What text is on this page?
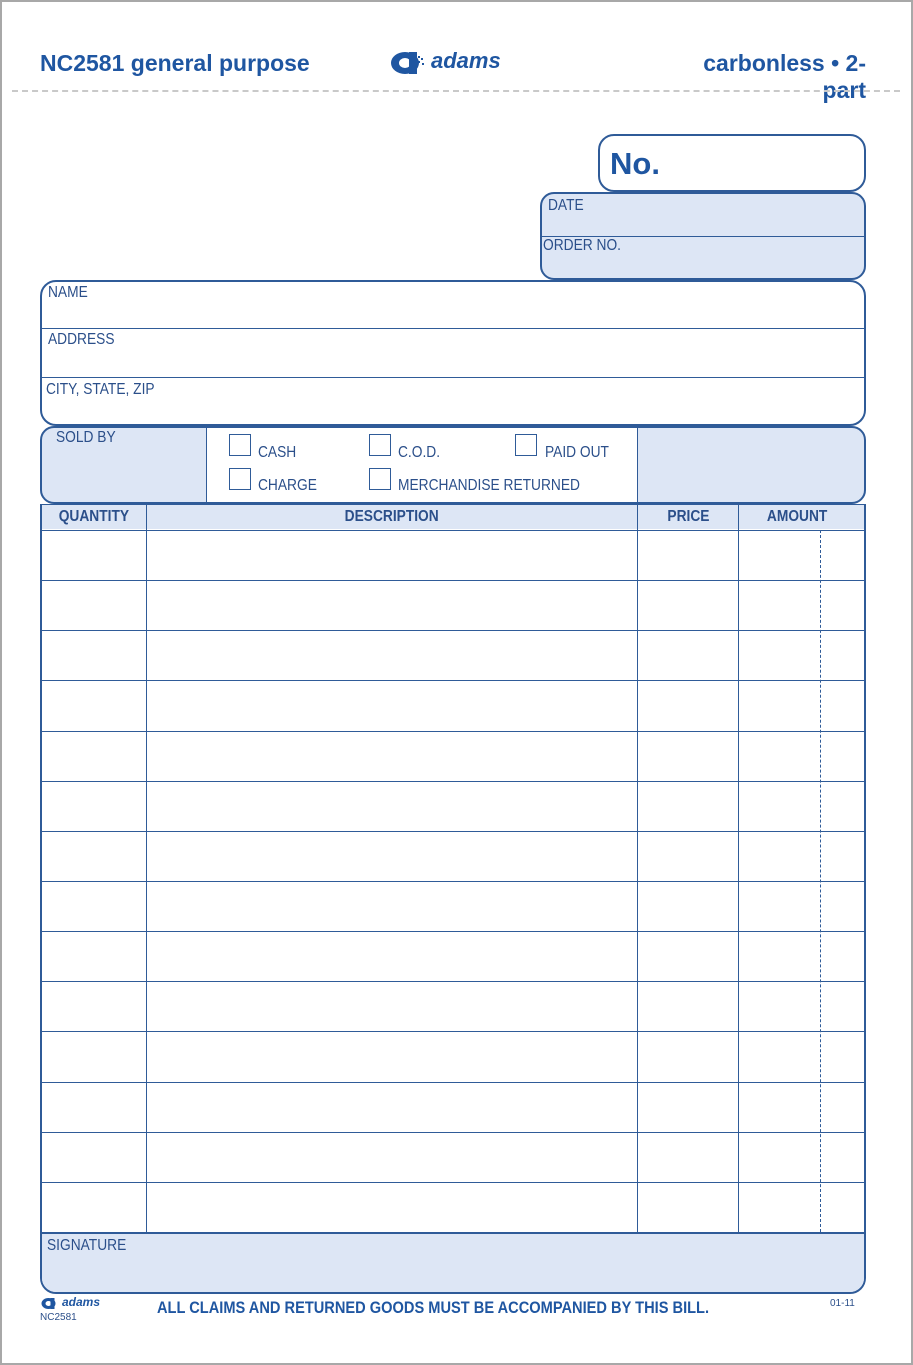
NC2581 general purpose	adams	carbonless • 2-part
No.
DATE
ORDER NO.
NAME
ADDRESS
CITY, STATE, ZIP
SOLD BY
CASH	C.O.D.	PAID OUT
CHARGE	MERCHANDISE RETURNED
QUANTITY	DESCRIPTION	PRICE	AMOUNT
SIGNATURE
adams
NC2581
ALL CLAIMS AND RETURNED GOODS MUST BE ACCOMPANIED BY THIS BILL.	01-11
